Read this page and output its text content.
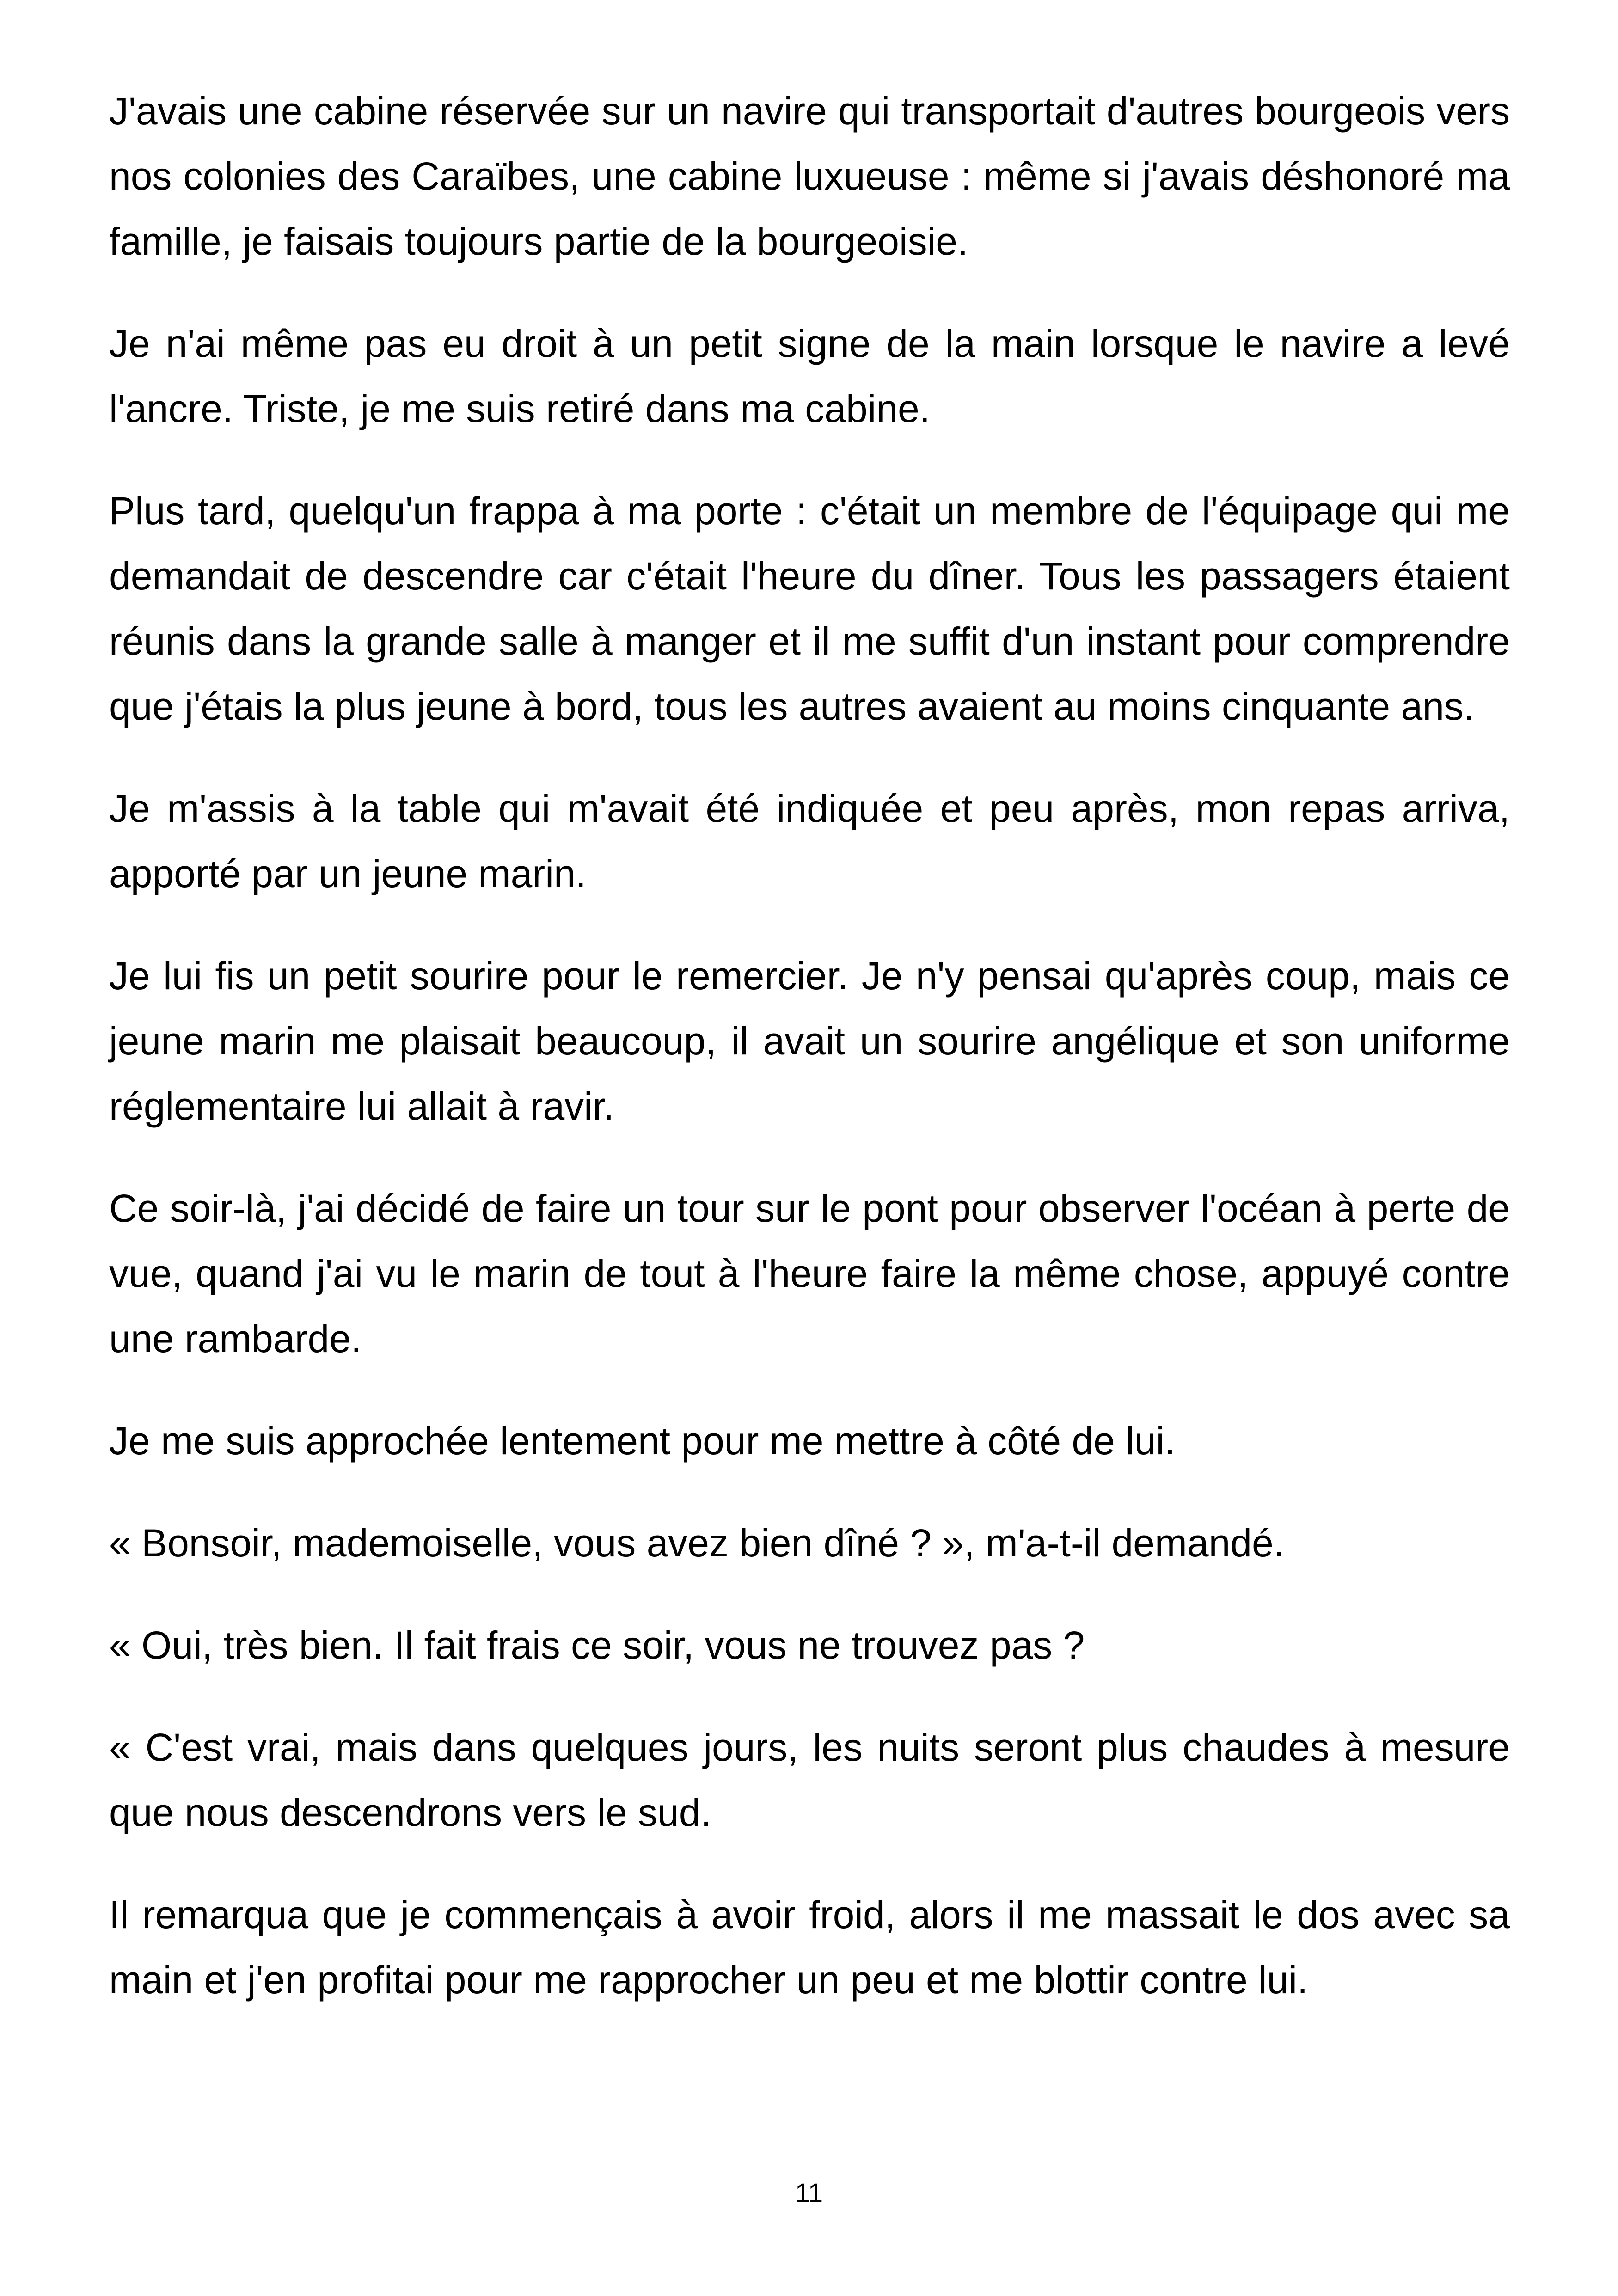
J'avais une cabine réservée sur un navire qui transportait d'autres bourgeois vers nos colonies des Caraïbes, une cabine luxueuse : même si j'avais déshonoré ma famille, je faisais toujours partie de la bourgeoisie.

Je n'ai même pas eu droit à un petit signe de la main lorsque le navire a levé l'ancre. Triste, je me suis retiré dans ma cabine.

Plus tard, quelqu'un frappa à ma porte : c'était un membre de l'équipage qui me demandait de descendre car c'était l'heure du dîner. Tous les passagers étaient réunis dans la grande salle à manger et il me suffit d'un instant pour comprendre que j'étais la plus jeune à bord, tous les autres avaient au moins cinquante ans.

Je m'assis à la table qui m'avait été indiquée et peu après, mon repas arriva, apporté par un jeune marin.

Je lui fis un petit sourire pour le remercier. Je n'y pensai qu'après coup, mais ce jeune marin me plaisait beaucoup, il avait un sourire angélique et son uniforme réglementaire lui allait à ravir.

Ce soir-là, j'ai décidé de faire un tour sur le pont pour observer l'océan à perte de vue, quand j'ai vu le marin de tout à l'heure faire la même chose, appuyé contre une rambarde.

Je me suis approchée lentement pour me mettre à côté de lui.

« Bonsoir, mademoiselle, vous avez bien dîné ? », m'a-t-il demandé.

« Oui, très bien. Il fait frais ce soir, vous ne trouvez pas ?

« C'est vrai, mais dans quelques jours, les nuits seront plus chaudes à mesure que nous descendrons vers le sud.

Il remarqua que je commençais à avoir froid, alors il me massait le dos avec sa main et j'en profitai pour me rapprocher un peu et me blottir contre lui.

11
